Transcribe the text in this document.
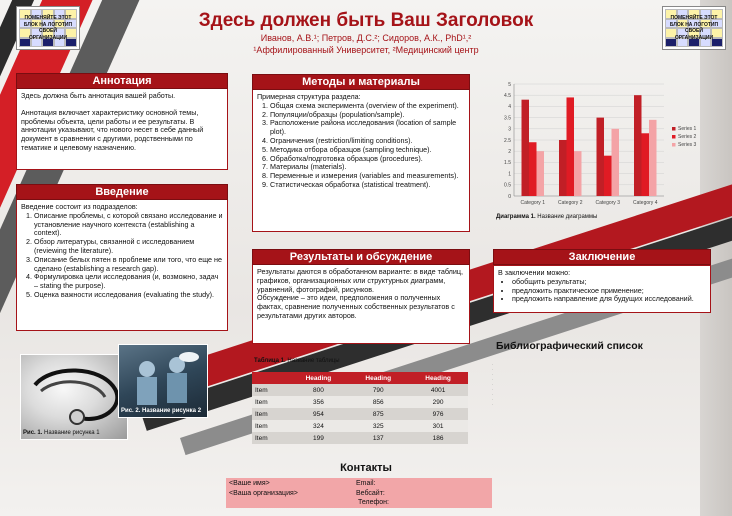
ПОМЕНЯЙТЕ ЭТОТ БЛОК НА ЛОГОТИП СВОЕЙ ОРГАНИЗАЦИИ
ПОМЕНЯЙТЕ ЭТОТ БЛОК НА ЛОГОТИП СВОЕЙ ОРГАНИЗАЦИИ
Здесь должен быть Ваш Заголовок
Иванов, А.В.¹; Петров, Д.С.²; Сидоров, А.К., PhD¹,²
¹Аффилированный Университет, ²Медицинский центр

Здесь должна быть аннотация вашей работы.

Аннотация включает характеристику основной темы, проблемы объекта, цели работы и ее результаты. В аннотации указывают, что нового несет в себе данный документ в сравнении с другими, родственными по тематике и целевому назначению.

Аннотация
Введение состоит из подразделов:
1. Описание проблемы, с которой связано исследование и установление научного контекста (establishing a context).
2. Обзор литературы, связанной с исследованием (reviewing the literature).
3. Описание белых пятен в проблеме или того, что еще не сделано (establishing a research gap).
4. Формулировка цели исследования (и, возможно, задач – stating the purpose).
5. Оценка важности исследования (evaluating the study).
Введение
Рис. 1. Название рисунка 1
Рис. 2. Название рисунка 2
Примерная структура раздела:
1. Общая схема эксперимента (overview of the experiment).
2. Популяции/образцы (population/sample).
3. Расположение района исследования (location of sample plot).
4. Ограничения (restriction/limiting conditions).
5. Методика отбора образцов (sampling technique).
6. Обработка/подготовка образцов (procedures).
7. Материалы (materials).
8. Переменные и измерения (variables and measurements).
9. Статистическая обработка (statistical treatment).
Методы и материалы
Результаты даются в обработанном варианте: в виде таблиц, графиков, организационных или структурных диаграмм, уравнений, фотографий, рисунков.
Обсуждение – это идеи, предположения о полученных фактах, сравнение полученных собственных результатов с результатами других авторов.
Результаты и обсуждение
Таблица 1. Название таблицы
	Heading	Heading	Heading
Item	800	790	4001
Item	356	856	290
Item	954	875	976
Item	324	325	301
Item	199	137	186
Контакты
<Ваше имя>
<Ваша организация>
Email:
Вебсайт:
Телефон:
0
0.5
1
1.5
2
2.5
3
3.5
4
4.5
5
Category 1	Category 2	Category 3	Category 4
Series 1
Series 2
Series 3
Диаграмма 1. Название диаграммы
В заключении можно:
• обобщить результаты;
• предложить практическое применение;
• предложить направление для будущих исследований.
Заключение
Библиографический список
·
·
·
·
·
·
·
·
·
